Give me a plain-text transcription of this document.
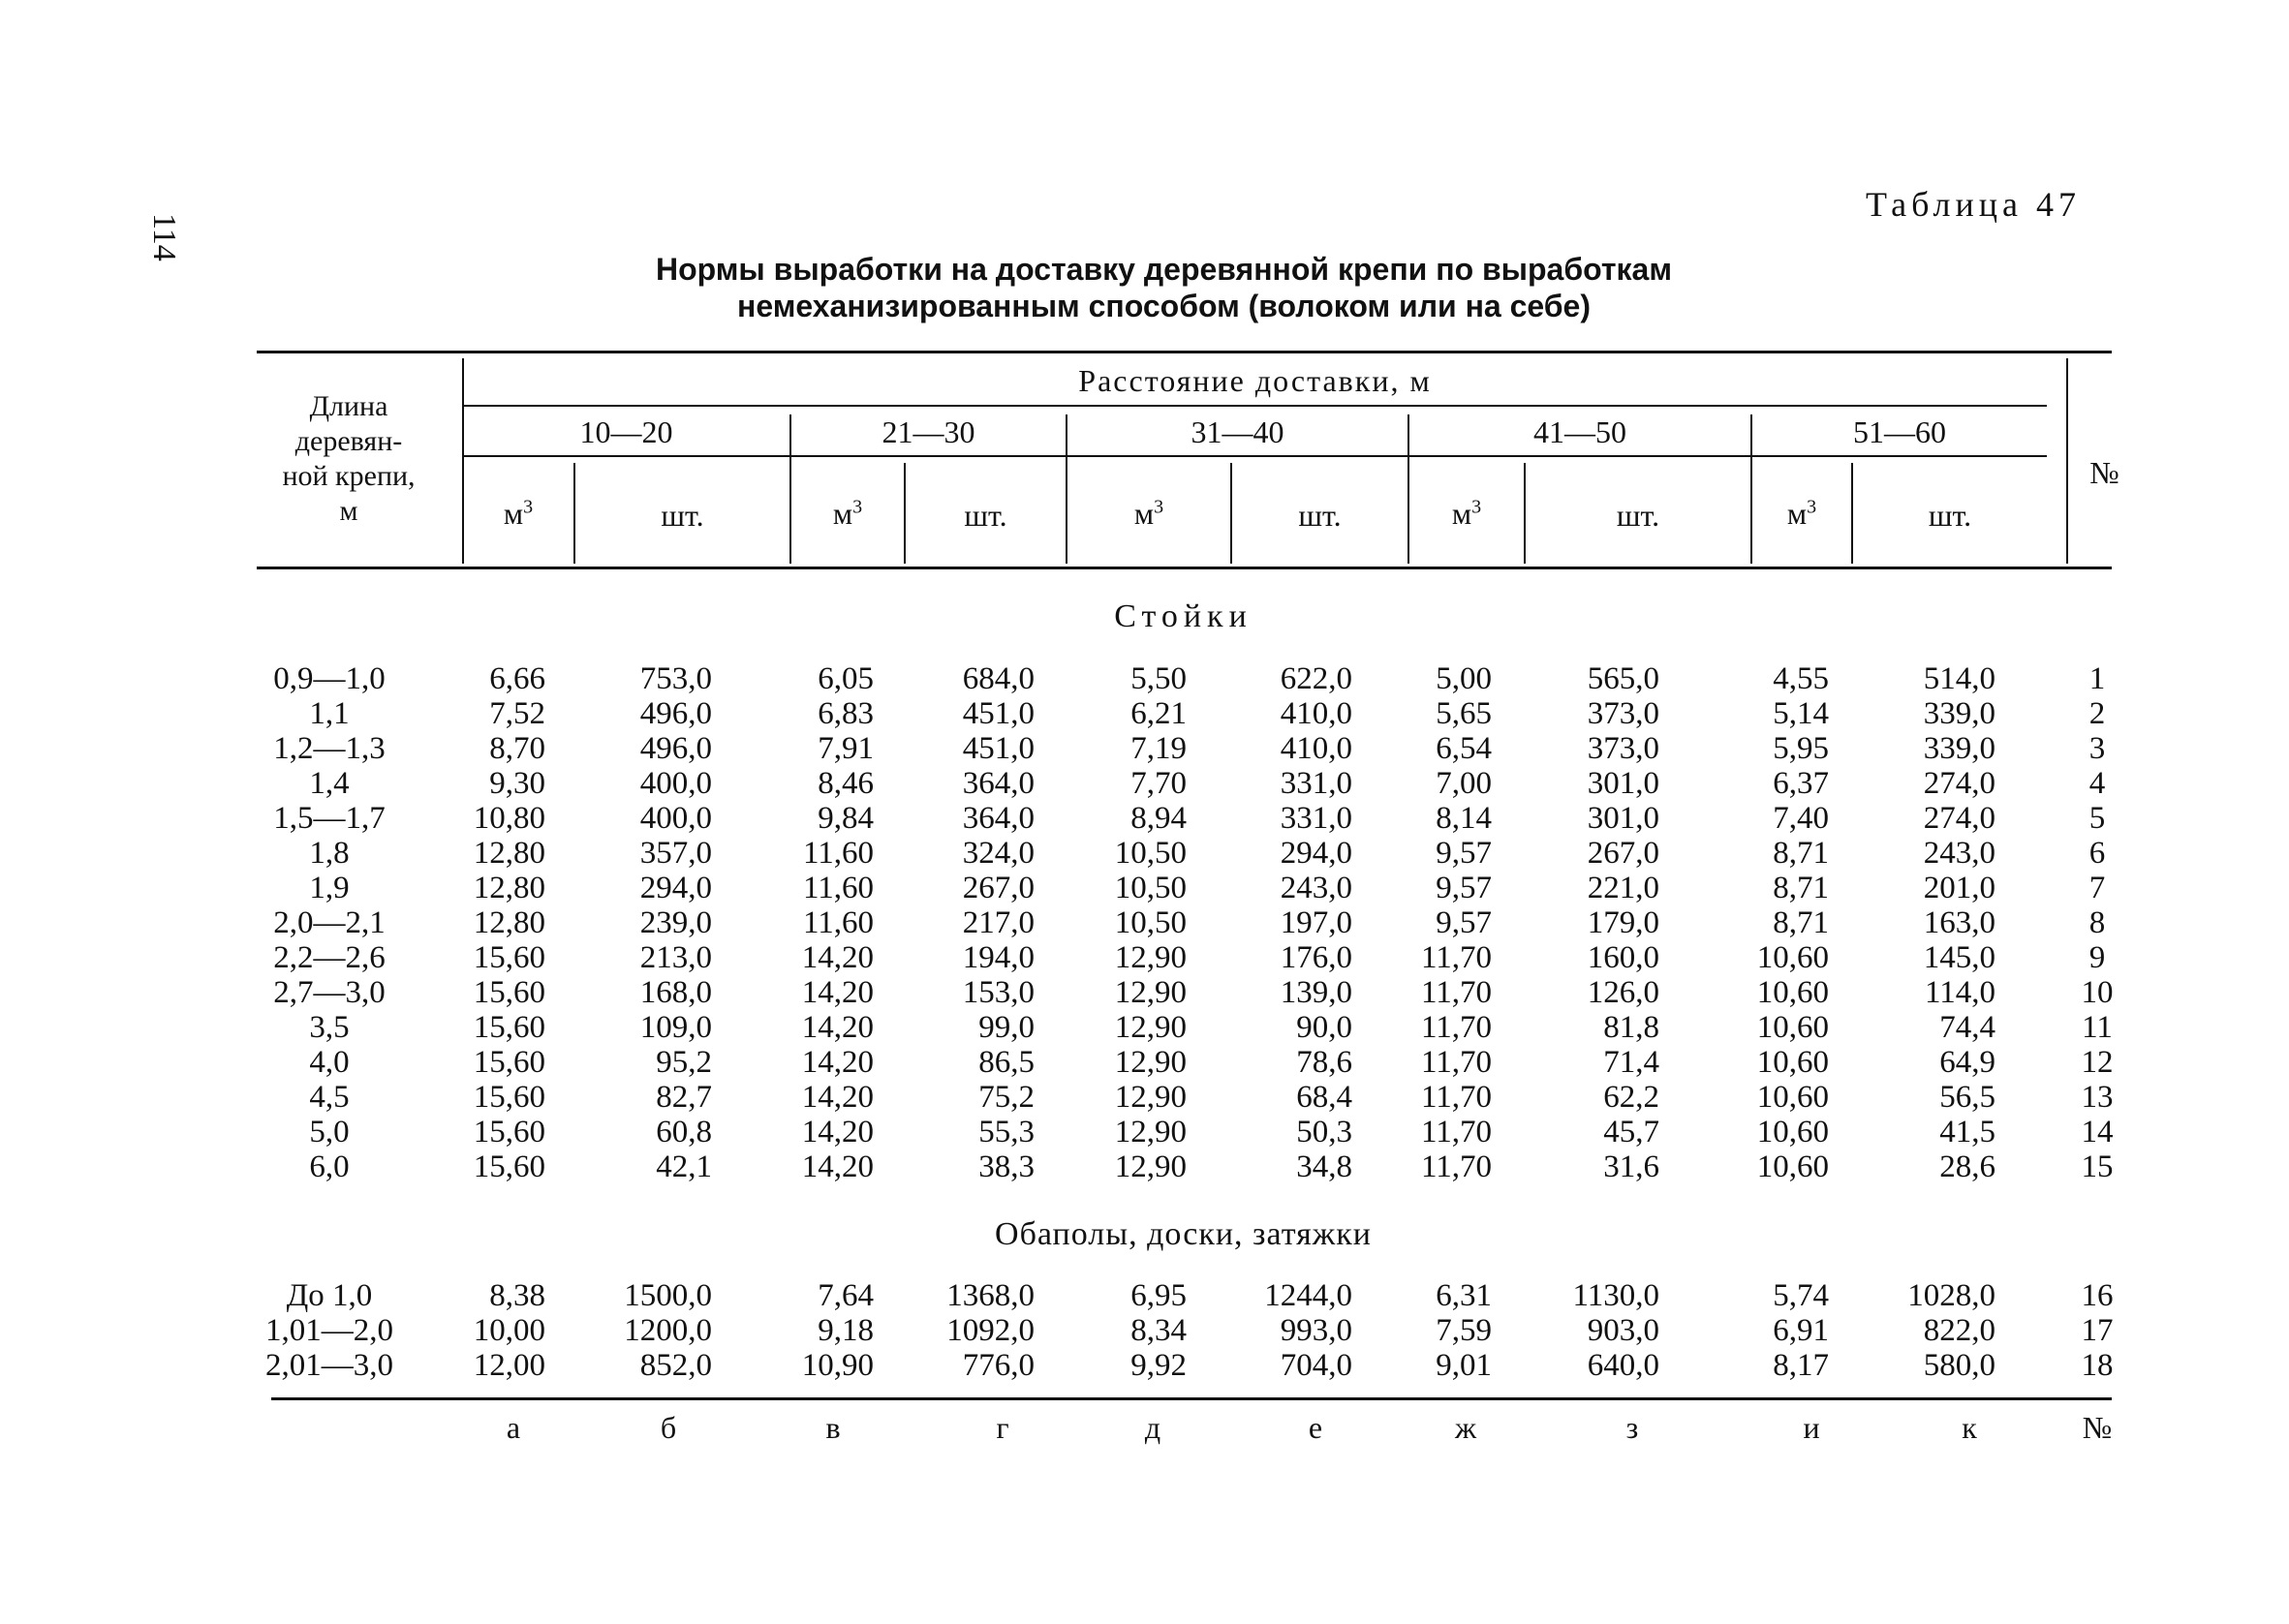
114
Таблица 47
Нормы выработки на доставку деревянной крепи по выработкам
немеханизированным способом (волоком или на себе)
Длина
деревян-
ной крепи,
м
Расстояние доставки, м
10—20	21—30	31—40	41—50	51—60
$м^3$	шт.	$м^3$	шт.	$м^3$	шт.	$м^3$	шт.	$м^3$	шт.
№
Стойки
Обаполы, доски, затяжки
0,9—1,0	6,66	753,0	6,05	684,0	5,50	622,0	5,00	565,0	4,55	514,0	1
1,1	7,52	496,0	6,83	451,0	6,21	410,0	5,65	373,0	5,14	339,0	2
1,2—1,3	8,70	496,0	7,91	451,0	7,19	410,0	6,54	373,0	5,95	339,0	3
1,4	9,30	400,0	8,46	364,0	7,70	331,0	7,00	301,0	6,37	274,0	4
1,5—1,7	10,80	400,0	9,84	364,0	8,94	331,0	8,14	301,0	7,40	274,0	5
1,8	12,80	357,0	11,60	324,0	10,50	294,0	9,57	267,0	8,71	243,0	6
1,9	12,80	294,0	11,60	267,0	10,50	243,0	9,57	221,0	8,71	201,0	7
2,0—2,1	12,80	239,0	11,60	217,0	10,50	197,0	9,57	179,0	8,71	163,0	8
2,2—2,6	15,60	213,0	14,20	194,0	12,90	176,0	11,70	160,0	10,60	145,0	9
2,7—3,0	15,60	168,0	14,20	153,0	12,90	139,0	11,70	126,0	10,60	114,0	10
3,5	15,60	109,0	14,20	99,0	12,90	90,0	11,70	81,8	10,60	74,4	11
4,0	15,60	95,2	14,20	86,5	12,90	78,6	11,70	71,4	10,60	64,9	12
4,5	15,60	82,7	14,20	75,2	12,90	68,4	11,70	62,2	10,60	56,5	13
5,0	15,60	60,8	14,20	55,3	12,90	50,3	11,70	45,7	10,60	41,5	14
6,0	15,60	42,1	14,20	38,3	12,90	34,8	11,70	31,6	10,60	28,6	15
До 1,0	8,38	1500,0	7,64	1368,0	6,95	1244,0	6,31	1130,0	5,74	1028,0	16
1,01—2,0	10,00	1200,0	9,18	1092,0	8,34	993,0	7,59	903,0	6,91	822,0	17
2,01—3,0	12,00	852,0	10,90	776,0	9,92	704,0	9,01	640,0	8,17	580,0	18
а	б	в	г	д	е	ж	з	и	к	№
